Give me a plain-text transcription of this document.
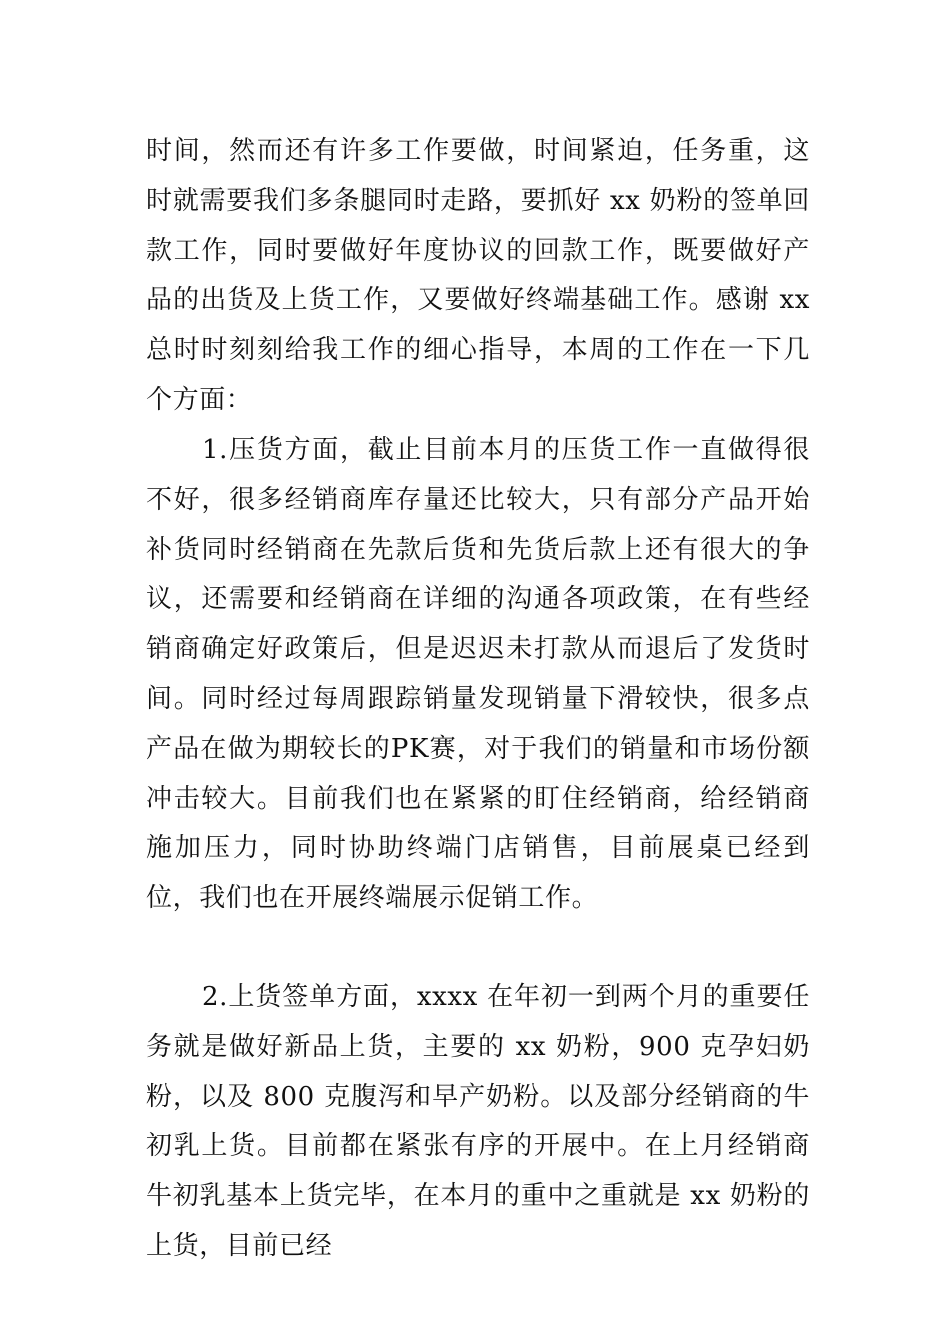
时间，然而还有许多工作要做，时间紧迫，任务重，这时就需要我们多条腿同时走路，要抓好 xx 奶粉的签单回款工作，同时要做好年度协议的回款工作，既要做好产品的出货及上货工作，又要做好终端基础工作。感谢 xx 总时时刻刻给我工作的细心指导，本周的工作在一下几个方面：

1.压货方面，截止目前本月的压货工作一直做得很不好，很多经销商库存量还比较大，只有部分产品开始补货同时经销商在先款后货和先货后款上还有很大的争议，还需要和经销商在详细的沟通各项政策，在有些经销商确定好政策后，但是迟迟未打款从而退后了发货时间。同时经过每周跟踪销量发现销量下滑较快，很多点产品在做为期较长的PK赛，对于我们的销量和市场份额冲击较大。目前我们也在紧紧的盯住经销商，给经销商施加压力，同时协助终端门店销售，目前展桌已经到位，我们也在开展终端展示促销工作。

2.上货签单方面，xxxx 在年初一到两个月的重要任务就是做好新品上货，主要的 xx 奶粉，900 克孕妇奶粉，以及 800 克腹泻和早产奶粉。以及部分经销商的牛初乳上货。目前都在紧张有序的开展中。在上月经销商牛初乳基本上货完毕，在本月的重中之重就是 xx 奶粉的上货，目前已经
